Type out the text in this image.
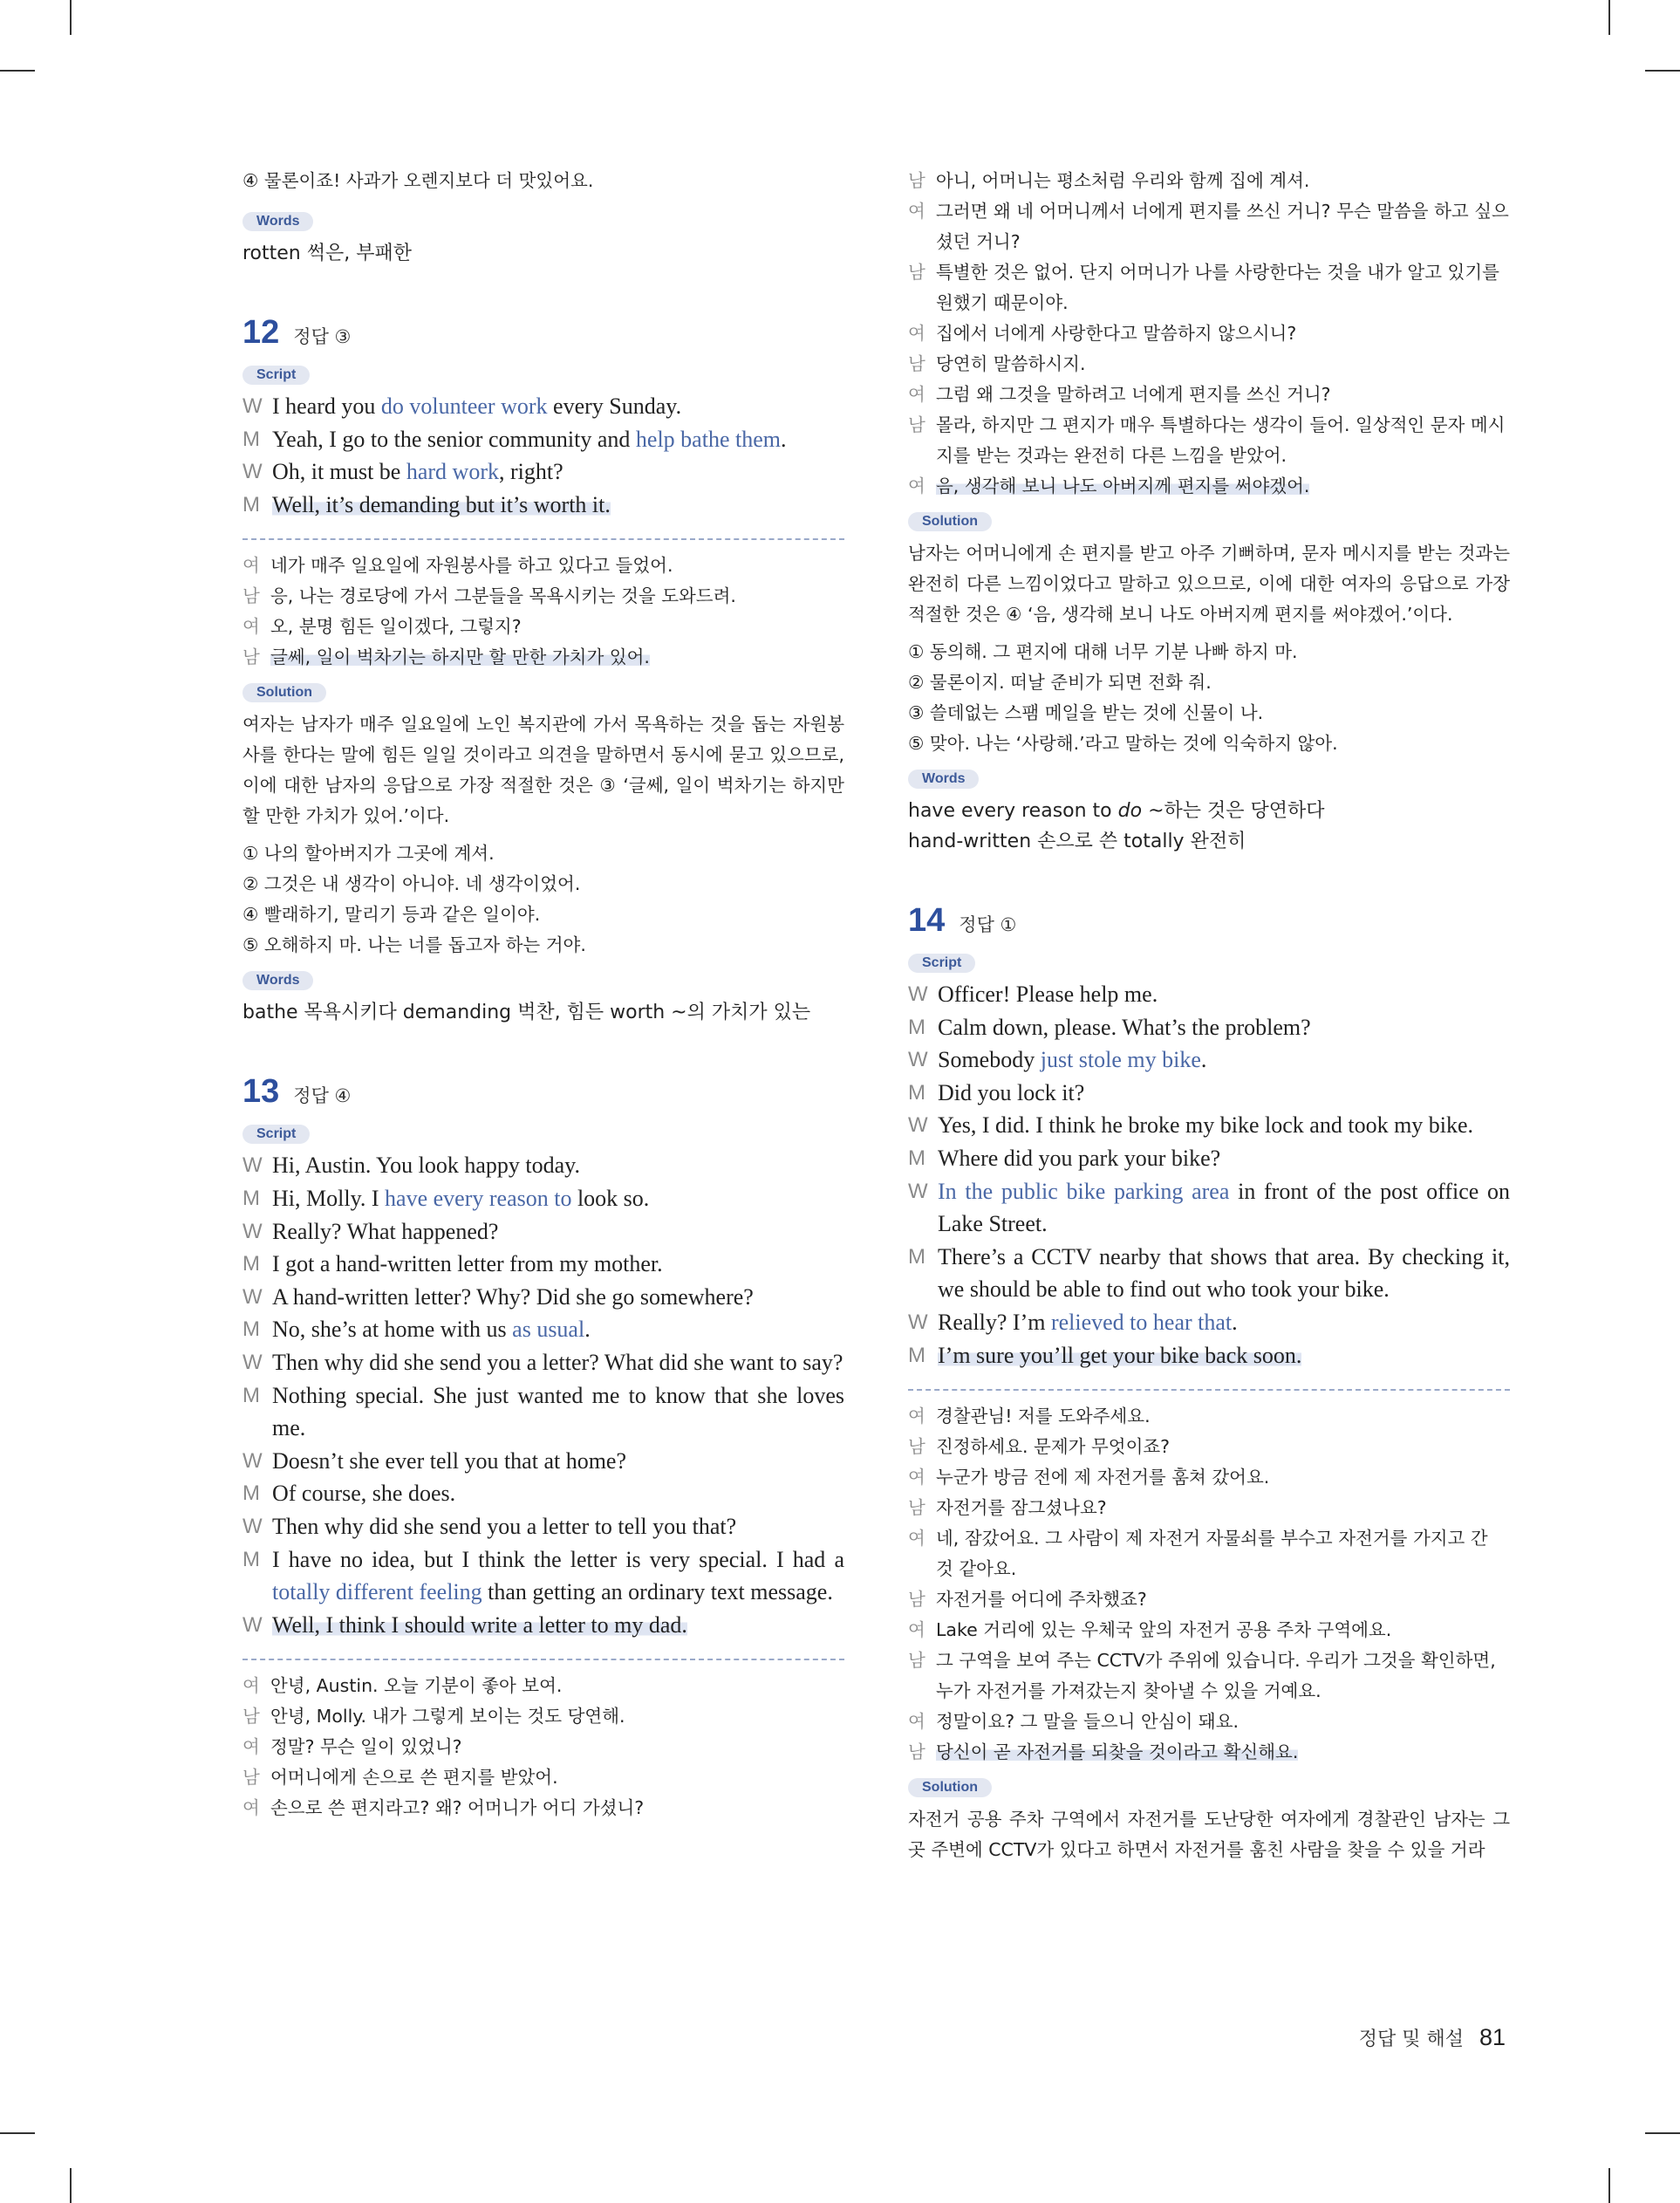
④ 물론이죠! 사과가 오렌지보다 더 맛있어요.
Words
rotten 썩은, 부패한
12 정답 ③
Script
W I heard you do volunteer work every Sunday.
M Yeah, I go to the senior community and help bathe them.
W Oh, it must be hard work, right?
M Well, it’s demanding but it’s worth it.
여 네가 매주 일요일에 자원봉사를 하고 있다고 들었어.
남 응, 나는 경로당에 가서 그분들을 목욕시키는 것을 도와드려.
여 오, 분명 힘든 일이겠다, 그렇지?
남 글쎄, 일이 벅차기는 하지만 할 만한 가치가 있어.
Solution
여자는 남자가 매주 일요일에 노인 복지관에 가서 목욕하는 것을 돕는 자원봉사를 한다는 말에 힘든 일일 것이라고 의견을 말하면서 동시에 묻고 있으므로, 이에 대한 남자의 응답으로 가장 적절한 것은 ③ ‘글쎄, 일이 벅차기는 하지만 할 만한 가치가 있어.’이다.
① 나의 할아버지가 그곳에 계셔.
② 그것은 내 생각이 아니야. 네 생각이었어.
④ 빨래하기, 말리기 등과 같은 일이야.
⑤ 오해하지 마. 나는 너를 돕고자 하는 거야.
Words
bathe 목욕시키다 demanding 벅찬, 힘든 worth ~의 가치가 있는
13 정답 ④
Script
W Hi, Austin. You look happy today.
M Hi, Molly. I have every reason to look so.
W Really? What happened?
M I got a hand-written letter from my mother.
W A hand-written letter? Why? Did she go somewhere?
M No, she’s at home with us as usual.
W Then why did she send you a letter? What did she want to say?
M Nothing special. She just wanted me to know that she loves me.
W Doesn’t she ever tell you that at home?
M Of course, she does.
W Then why did she send you a letter to tell you that?
M I have no idea, but I think the letter is very special. I had a totally different feeling than getting an ordinary text message.
W Well, I think I should write a letter to my dad.
여 안녕, Austin. 오늘 기분이 좋아 보여.
남 안녕, Molly. 내가 그렇게 보이는 것도 당연해.
여 정말? 무슨 일이 있었니?
남 어머니에게 손으로 쓴 편지를 받았어.
여 손으로 쓴 편지라고? 왜? 어머니가 어디 가셨니?
남 아니, 어머니는 평소처럼 우리와 함께 집에 계셔.
여 그러면 왜 네 어머니께서 너에게 편지를 쓰신 거니? 무슨 말씀을 하고 싶으셨던 거니?
남 특별한 것은 없어. 단지 어머니가 나를 사랑한다는 것을 내가 알고 있기를 원했기 때문이야.
여 집에서 너에게 사랑한다고 말씀하지 않으시니?
남 당연히 말씀하시지.
여 그럼 왜 그것을 말하려고 너에게 편지를 쓰신 거니?
남 몰라, 하지만 그 편지가 매우 특별하다는 생각이 들어. 일상적인 문자 메시지를 받는 것과는 완전히 다른 느낌을 받았어.
여 음, 생각해 보니 나도 아버지께 편지를 써야겠어.
Solution
남자는 어머니에게 손 편지를 받고 아주 기뻐하며, 문자 메시지를 받는 것과는 완전히 다른 느낌이었다고 말하고 있으므로, 이에 대한 여자의 응답으로 가장 적절한 것은 ④ ‘음, 생각해 보니 나도 아버지께 편지를 써야겠어.’이다.
① 동의해. 그 편지에 대해 너무 기분 나빠 하지 마.
② 물론이지. 떠날 준비가 되면 전화 줘.
③ 쓸데없는 스팸 메일을 받는 것에 신물이 나.
⑤ 맞아. 나는 ‘사랑해.’라고 말하는 것에 익숙하지 않아.
Words
have every reason to do ~하는 것은 당연하다
hand-written 손으로 쓴 totally 완전히
14 정답 ①
Script
W Officer! Please help me.
M Calm down, please. What’s the problem?
W Somebody just stole my bike.
M Did you lock it?
W Yes, I did. I think he broke my bike lock and took my bike.
M Where did you park your bike?
W In the public bike parking area in front of the post office on Lake Street.
M There’s a CCTV nearby that shows that area. By checking it, we should be able to find out who took your bike.
W Really? I’m relieved to hear that.
M I’m sure you’ll get your bike back soon.
여 경찰관님! 저를 도와주세요.
남 진정하세요. 문제가 무엇이죠?
여 누군가 방금 전에 제 자전거를 훔쳐 갔어요.
남 자전거를 잠그셨나요?
여 네, 잠갔어요. 그 사람이 제 자전거 자물쇠를 부수고 자전거를 가지고 간 것 같아요.
남 자전거를 어디에 주차했죠?
여 Lake 거리에 있는 우체국 앞의 자전거 공용 주차 구역에요.
남 그 구역을 보여 주는 CCTV가 주위에 있습니다. 우리가 그것을 확인하면, 누가 자전거를 가져갔는지 찾아낼 수 있을 거예요.
여 정말이요? 그 말을 들으니 안심이 돼요.
남 당신이 곧 자전거를 되찾을 것이라고 확신해요.
Solution
자전거 공용 주차 구역에서 자전거를 도난당한 여자에게 경찰관인 남자는 그 곳 주변에 CCTV가 있다고 하면서 자전거를 훔친 사람을 찾을 수 있을 거라
정답 및 해설 81
